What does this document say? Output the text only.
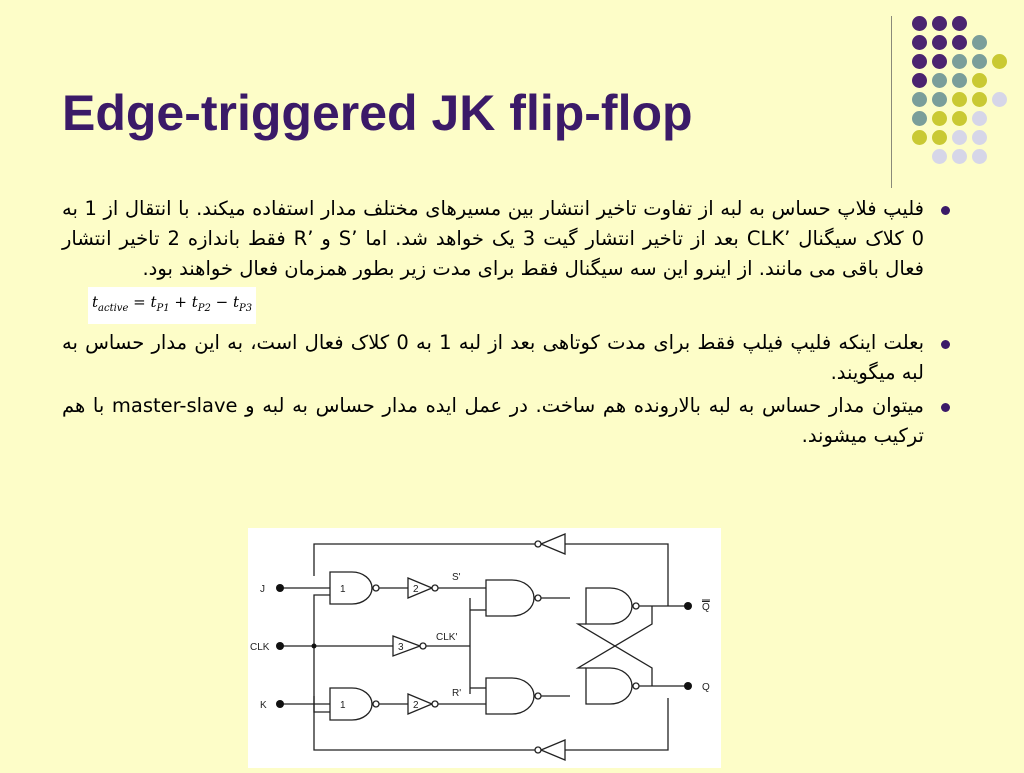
Edge-triggered JK flip-flop
فلیپ فلاپ حساس به لبه از تفاوت تاخیر انتشار بین مسیرهای مختلف مدار استفاده میکند. با انتقال از 1 به 0 کلاک سیگنال ’CLK بعد از تاخیر انتشار گیت 3 یک خواهد شد. اما ’S و ’R فقط باندازه 2 تاخیر انتشار فعال باقی می مانند. از اینرو این سه سیگنال فقط برای مدت زیر بطور همزمان فعال خواهند بود.
$t_{active} = t_{P1} + t_{P2} - t_{P3}$
بعلت اینکه فلیپ فیلپ فقط برای مدت کوتاهی بعد از لبه 1 به 0 کلاک فعال است، به این مدار حساس به لبه میگویند.
میتوان مدار حساس به لبه بالارونده هم ساخت. در عمل ایده مدار حساس به لبه و master-slave با هم ترکیب میشوند.
J
CLK
K
1
1
2
2
3
S'
CLK'
R'
Q
Q
